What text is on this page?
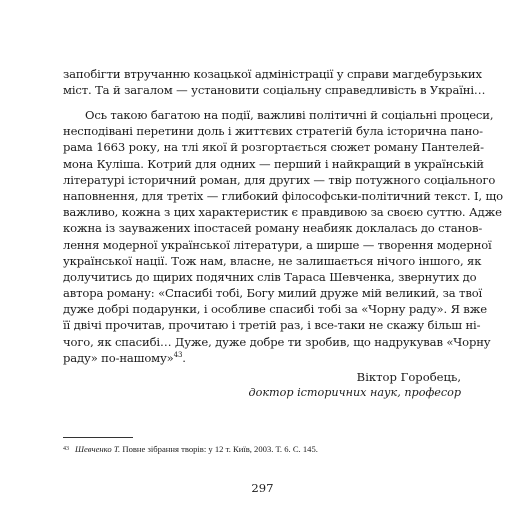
запобігти втручанню козацької адміністрації у справи магдебурзьких
міст. Та й загалом — установити соціальну справедливість в Україні…
Ось такою багатою на події, важливі політичні й соціальні процеси,
несподівані перетини доль і життєвих стратегій була історична пано-
рама 1663 року, на тлі якої й розгортається сюжет роману Пантелей-
мона Куліша. Котрий для одних — перший і найкращий в українській
літературі історичний роман, для других — твір потужного соціального
наповнення, для третіх — глибокий філософськи-політичний текст. І, що
важливо, кожна з цих характеристик є правдивою за своєю суттю. Адже
кожна із зауважених іпостасей роману неабияк доклалась до станов-
лення модерної української літератури, а ширше — творення модерної
української нації. Тож нам, власне, не залишається нічого іншого, як
долучитись до щирих подячних слів Тараса Шевченка, звернутих до
автора роману: «Спасибі тобі, Богу милий друже мій великий, за твої
дуже добрі подарунки, і особливе спасибі тобі за «Чорну раду». Я вже
її двічі прочитав, прочитаю і третій раз, і все-таки не скажу більш ні-
чого, як спасибі… Дуже, дуже добре ти зробив, що надрукував «Чорну
раду» по-нашому»$^{43}$.
Віктор Горобець,
доктор історичних наук, професор
$^{43}$ Шевченко Т. Повне зібрання творів: у 12 т. Київ, 2003. Т. 6. С. 145.
297
